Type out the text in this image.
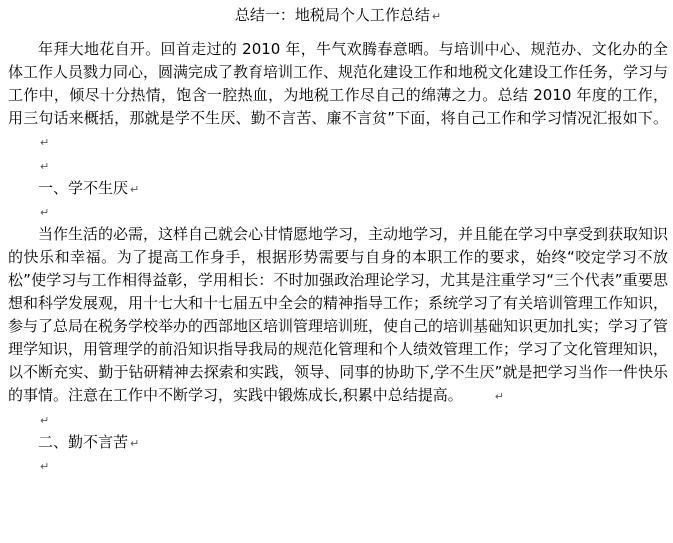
总结一：地税局个人工作总结 ↵

年拜大地花自开。回首走过的 2010 年，牛气欢腾春意晒。与培训中心、规范办、文化办的全体工作人员戮力同心，圆满完成了教育培训工作、规范化建设工作和地税文化建设工作任务，学习与工作中，倾尽十分热情，饱含一腔热血，为地税工作尽自己的绵薄之力。总结 2010 年度的工作，用三句话来概括，那就是学不生厌、勤不言苦、廉不言贫”下面，将自己工作和学习情况汇报如下。↵

↵
一、学不生厌 ↵
↵

当作生活的必需，这样自己就会心甘情愿地学习，主动地学习，并且能在学习中享受到获取知识的快乐和幸福。为了提高工作身手，根据形势需要与自身的本职工作的要求，始终“咬定学习不放松”使学习与工作相得益彰，学用相长：不时加强政治理论学习，尤其是注重学习“三个代表”重要思想和科学发展观，用十七大和十七届五中全会的精神指导工作；系统学习了有关培训管理工作知识，参与了总局在税务学校举办的西部地区培训管理培训班，使自己的培训基础知识更加扎实；学习了管理学知识，用管理学的前沿知识指导我局的规范化管理和个人绩效管理工作；学习了文化管理知识，以不断充实、勤于钻研精神去探索和实践，领导、同事的协助下,学不生厌”就是把学习当作一件快乐的事情。注意在工作中不断学习，实践中锻炼成长,积累中总结提高。	↵

↵
二、勤不言苦 ↵
↵
